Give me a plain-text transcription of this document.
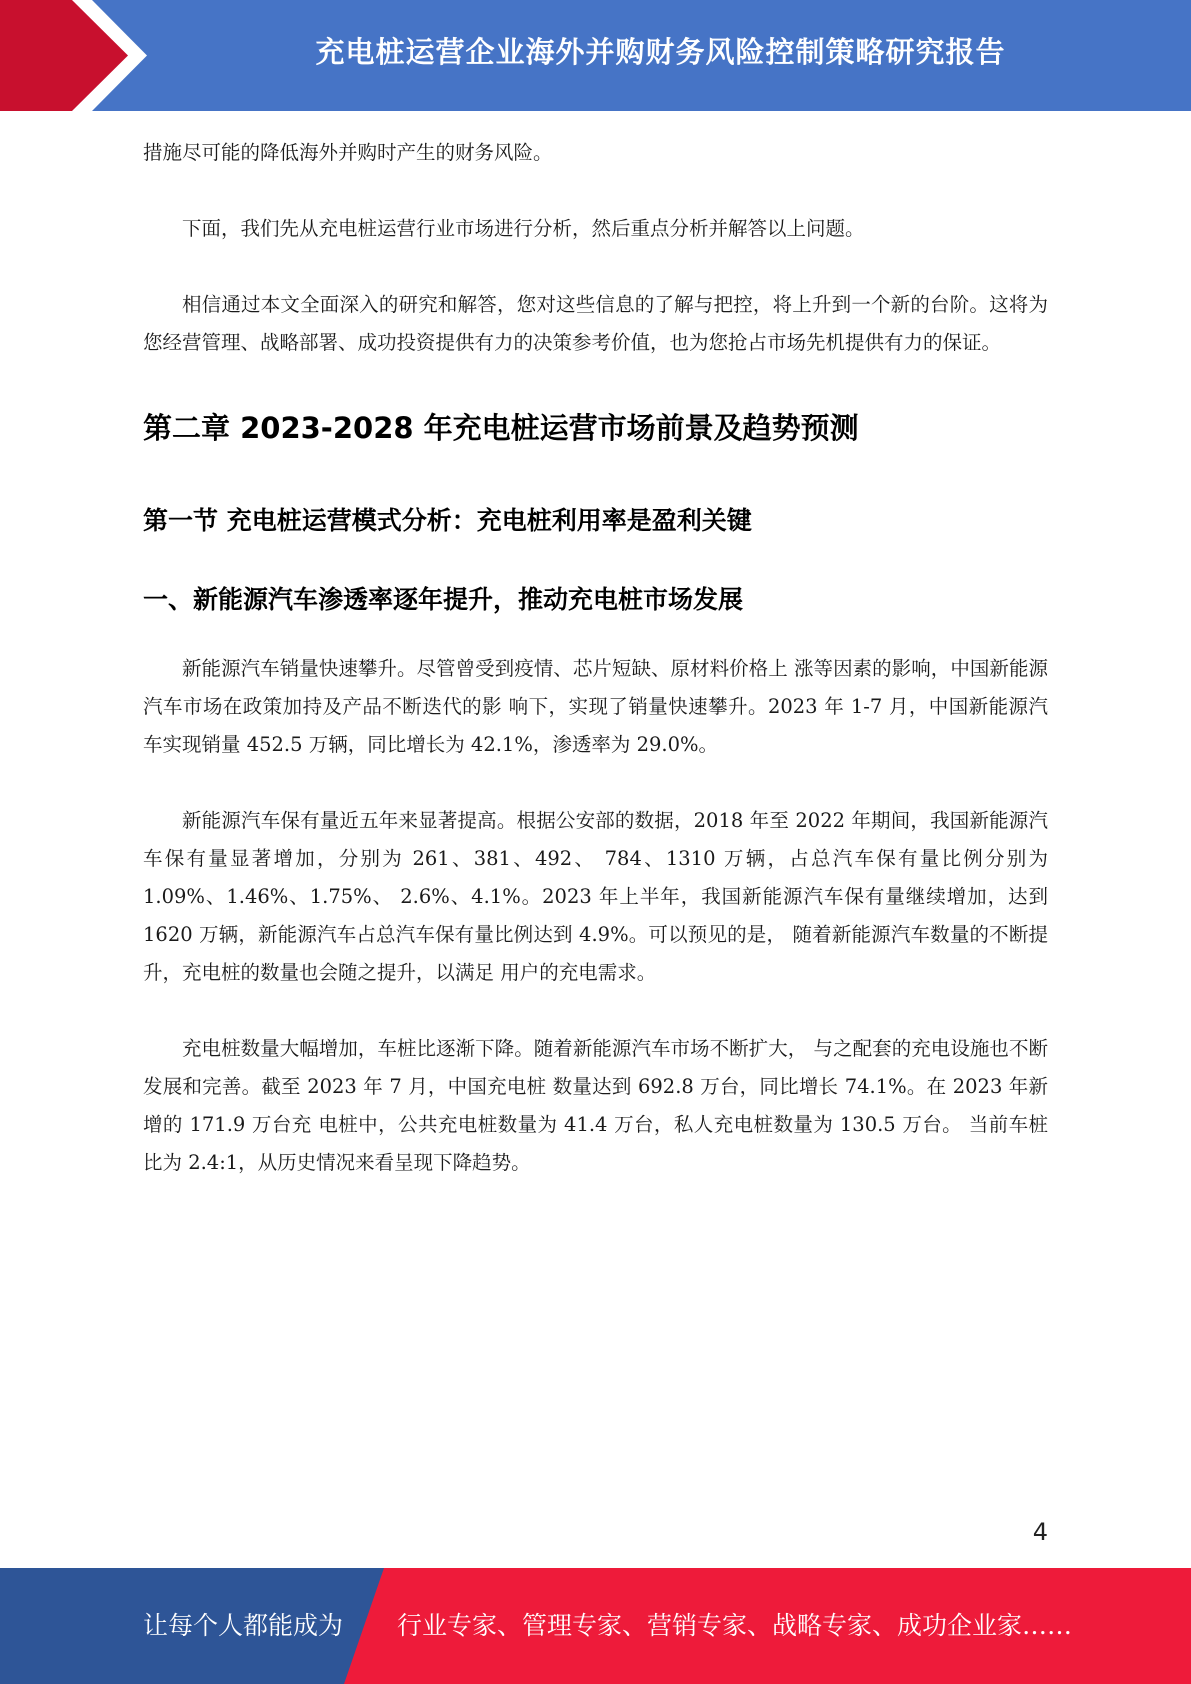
充电桩运营企业海外并购财务风险控制策略研究报告

措施尽可能的降低海外并购时产生的财务风险。

下面，我们先从充电桩运营行业市场进行分析，然后重点分析并解答以上问题。

相信通过本文全面深入的研究和解答，您对这些信息的了解与把控，将上升到一个新的台阶。这将为您经营管理、战略部署、成功投资提供有力的决策参考价值，也为您抢占市场先机提供有力的保证。

第二章 2023-2028 年充电桩运营市场前景及趋势预测
第一节 充电桩运营模式分析：充电桩利用率是盈利关键
一、新能源汽车渗透率逐年提升，推动充电桩市场发展

新能源汽车销量快速攀升。尽管曾受到疫情、芯片短缺、原材料价格上 涨等因素的影响，中国新能源汽车市场在政策加持及产品不断迭代的影 响下，实现了销量快速攀升。2023 年 1-7 月，中国新能源汽车实现销量 452.5 万辆，同比增长为 42.1%，渗透率为 29.0%。

新能源汽车保有量近五年来显著提高。根据公安部的数据，2018 年至 2022 年期间，我国新能源汽车保有量显著增加，分别为 261、381、492、 784、1310 万辆，占总汽车保有量比例分别为 1.09%、1.46%、1.75%、 2.6%、4.1%。2023 年上半年，我国新能源汽车保有量继续增加，达到 1620 万辆，新能源汽车占总汽车保有量比例达到 4.9%。可以预见的是， 随着新能源汽车数量的不断提升，充电桩的数量也会随之提升，以满足 用户的充电需求。

充电桩数量大幅增加，车桩比逐渐下降。随着新能源汽车市场不断扩大， 与之配套的充电设施也不断发展和完善。截至 2023 年 7 月，中国充电桩 数量达到 692.8 万台，同比增长 74.1%。在 2023 年新增的 171.9 万台充 电桩中，公共充电桩数量为 41.4 万台，私人充电桩数量为 130.5 万台。 当前车桩比为 2.4:1，从历史情况来看呈现下降趋势。

4
让每个人都能成为 行业专家、管理专家、营销专家、战略专家、成功企业家……
